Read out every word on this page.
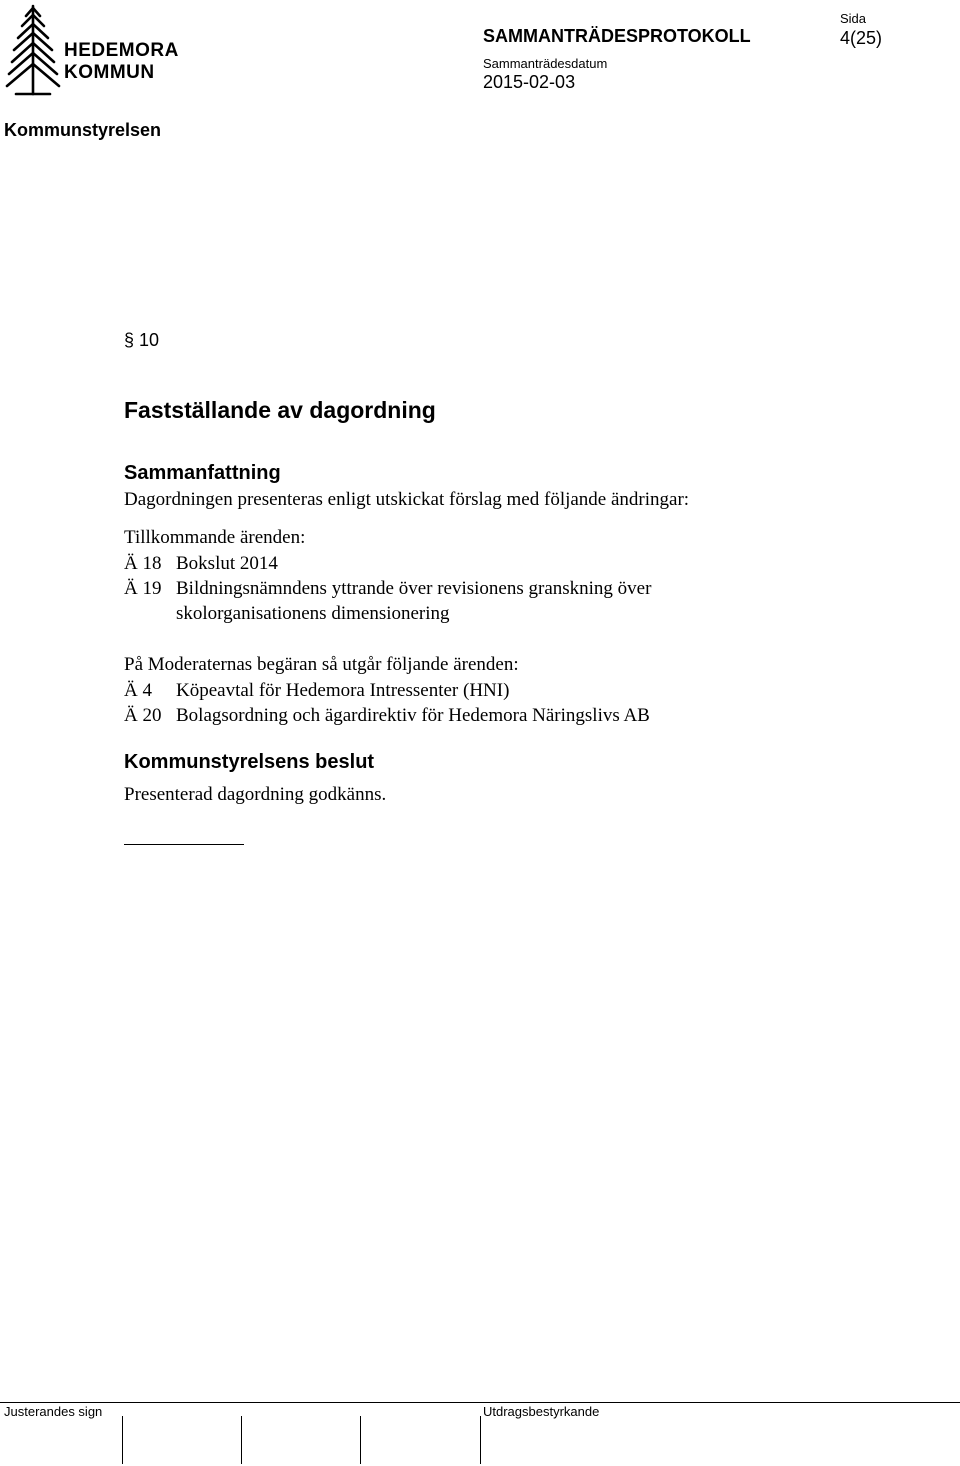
HEDEMORA
KOMMUN
SAMMANTRÄDESPROTOKOLL
Sammanträdesdatum
2015-02-03
Sida
4(25)
Kommunstyrelsen
§ 10
Fastställande av dagordning
Sammanfattning
Dagordningen presenteras enligt utskickat förslag med följande ändringar:
Tillkommande ärenden:
Ä 18 Bokslut 2014
Ä 19 Bildningsnämndens yttrande över revisionens granskning över
skolorganisationens dimensionering
På Moderaternas begäran så utgår följande ärenden:
Ä 4 Köpeavtal för Hedemora Intressenter (HNI)
Ä 20 Bolagsordning och ägardirektiv för Hedemora Näringslivs AB
Kommunstyrelsens beslut
Presenterad dagordning godkänns.
Justerandes sign	Utdragsbestyrkande
